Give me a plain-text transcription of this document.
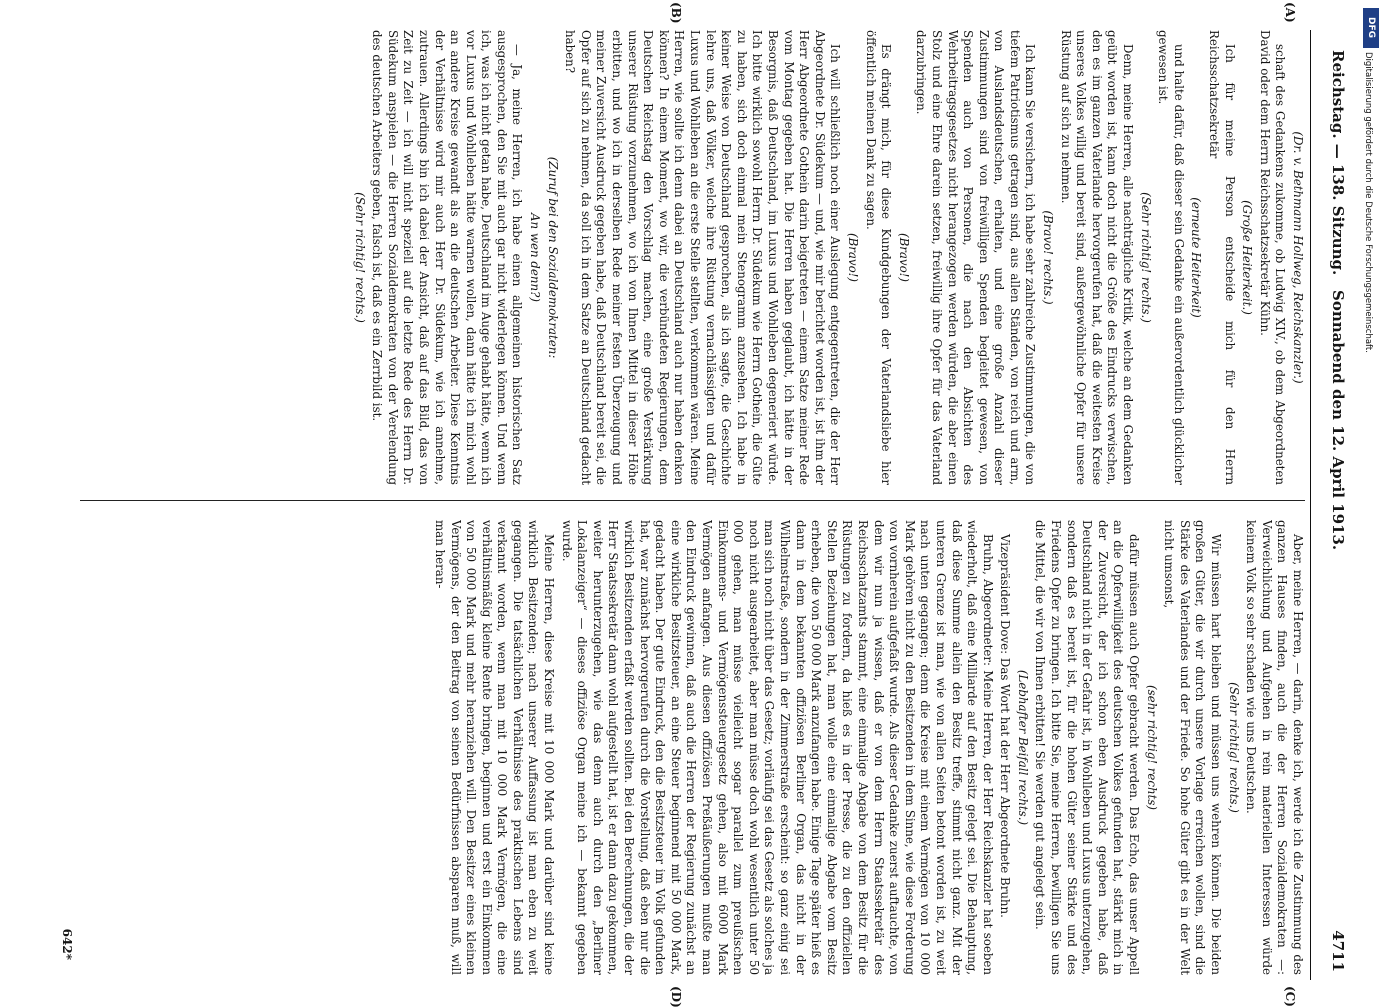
Reichstag. — 138. Sitzung.
Sonnabend den 12. April 1913.
4711
(A)
(B)
(C)
(D)

(Dr. v. Bethmann Hollweg, Reichskanzler.)

schaft des Gedankens zukomme, ob Ludwig XIV., ob dem Abgeordneten David oder dem Herrn Reichsschatzsekretär Kühn.

(Große Heiterkeit.)

Ich für meine Person entscheide mich für den Herrn Reichsschatzsekretär

(erneute Heiterkeit)

und halte dafür, daß dieser sein Gedanke ein außerordentlich glücklicher gewesen ist.

(Sehr richtig! rechts.)

Denn, meine Herren, alle nachträgliche Kritik, welche an dem Gedanken geübt worden ist, kann doch nicht die Größe des Eindrucks verwischen, den es im ganzen Vaterlande hervorgerufen hat, daß die weitesten Kreise unseres Volkes willig und bereit sind, außergewöhnliche Opfer für unsere Rüstung auf sich zu nehmen.

(Bravo! rechts.)

Ich kann Sie versichern, ich habe sehr zahlreiche Zustimmungen, die von tiefem Patriotismus getragen sind, aus allen Ständen, von reich und arm, von Auslandsdeutschen, erhalten, und eine große Anzahl dieser Zustimmungen sind von freiwilligen Spenden begleitet gewesen, von Spenden auch von Personen, die nach den Absichten des Wehrbeitragsgesetzes nicht herangezogen werden würden, die aber einen Stolz und eine Ehre darein setzen, freiwillig ihre Opfer für das Vaterland darzubringen.

(Bravo!)

Es drängt mich, für diese Kundgebungen der Vaterlandsliebe hier öffentlich meinen Dank zu sagen.

(Bravo!)

Ich will schließlich noch einer Auslegung entgegentreten, die der Herr Abgeordnete Dr. Südekum — und, wie mir berichtet worden ist, ist ihm der Herr Abgeordnete Gothein darin beigetreten — einem Satze meiner Rede vom Montag gegeben hat. Die Herren haben geglaubt, ich hätte in der Besorgnis, daß Deutschland, im Luxus und Wohlleben degeneriert würde. Ich bitte wirklich sowohl Herrn Dr. Südekum wie Herrn Gothein, die Güte zu haben, sich doch einmal mein Stenogramm anzusehen. Ich habe in keiner Weise von Deutschland gesprochen, als ich sagte, die Geschichte lehre uns, daß Völker, welche ihre Rüstung vernachlässigten und dafür Luxus und Wohlleben an die erste Stelle stellten, verkommen wären. Meine Herren, wie sollte ich denn dabei an Deutschland auch nur haben denken können? In einem Moment, wo wir, die verbündeten Regierungen, dem Deutschen Reichstag den Vorschlag machen, eine große Verstärkung unserer Rüstung vorzunehmen, wo ich von Ihnen Mittel in dieser Höhe erbitten, und wo ich in derselben Rede meiner festen Überzeugung und meiner Zuversicht Ausdruck gegeben habe, daß Deutschland bereit sei, die Opfer auf sich zu nehmen, da soll ich in dem Satze an Deutschland gedacht haben?

(Zuruf bei den Sozialdemokraten:

An wen denn?)

— Ja, meine Herren, ich habe einen allgemeinen historischen Satz ausgesprochen, den Sie mit auch gar nicht widerlegen können. Und wenn ich, was ich nicht getan habe, Deutschland im Auge gehabt hätte, wenn ich vor Luxus und Wohlleben hätte warnen wollen, dann hätte ich mich wohl an andere Kreise gewandt als an die deutschen Arbeiter. Diese Kenntnis der Verhältnisse wird mir auch Herr Dr. Südekum, wie ich annehme, zutrauen. Allerdings bin ich dabei der Ansicht, daß auf das Bild, das von Zeit zu Zeit — ich will nicht speziell auf die letzte Rede des Herrn Dr. Südekum anspielen — die Herren Sozialdemokraten von der Verelendung des deutschen Arbeiters geben, falsch ist, daß es ein Zerrbild ist.

(Sehr richtig! rechts.)

Aber, meine Herren, — darin, denke ich, werde ich die Zustimmung des ganzen Hauses finden, auch die der Herren Sozialdemokraten —: Verweichlichung und Aufgehen in rein materiellen Interessen würde keinem Volk so sehr schaden wie uns Deutschen.

(Sehr richtig! rechts.)

Wir müssen hart bleiben und müssen uns wehren können. Die beiden großen Güter, die wir durch unsere Vorlage erreichen wollen, sind die Stärke des Vaterlandes und der Friede. So hohe Güter gibt es in der Welt nicht umsonst,

(sehr richtig! rechts)

dafür müssen auch Opfer gebracht werden. Das Echo, das unser Appell an die Opferwilligkeit des deutschen Volkes gefunden hat, stärkt mich in der Zuversicht, der ich schon eben Ausdruck gegeben habe, daß Deutschland nicht in der Gefahr ist, in Wohlleben und Luxus unterzugehen, sondern daß es bereit ist, für die hohen Güter seiner Stärke und des Friedens Opfer zu bringen. Ich bitte Sie, meine Herren, bewilligen Sie uns die Mittel, die wir von Ihnen erbitten! Sie werden gut angelegt sein.

(Lebhafter Beifall rechts.)

Vizepräsident Dove: Das Wort hat der Herr Abgeordnete Bruhn.

Bruhn, Abgeordneter: Meine Herren, der Herr Reichskanzler hat soeben wiederholt, daß eine Milliarde auf den Besitz gelegt sei. Die Behauptung, daß diese Summe allein den Besitz treffe, stimmt nicht ganz. Mit der unteren Grenze ist man, wie von allen Seiten betont worden ist, zu weit nach unten gegangen; denn die Kreise mit einem Vermögen von 10 000 Mark gehören nicht zu den Besitzenden in dem Sinne, wie diese Forderung von vornherein aufgefaßt wurde. Als dieser Gedanke zuerst auftauchte, von dem wir nun ja wissen, daß er von dem Herrn Staatssekretär des Reichsschatzamts stammt, eine einmalige Abgabe von dem Besitz für die Rüstungen zu fordern, da hieß es in der Presse, die zu den offiziellen Stellen Beziehungen hat, man wolle eine einmalige Abgabe vom Besitz erheben, die von 50 000 Mark anzufangen habe. Einige Tage später hieß es dann in dem bekannten offiziösen Berliner Organ, das nicht in der Wilhelmstraße, sondern in der Zimmerstraße erscheint: so ganz einig sei man sich noch nicht über das Gesetz; vorläufig sei das Gesetz als solches ja noch nicht ausgearbeitet, aber man müsse doch wohl wesentlich unter 50 000 gehen, man müsse vielleicht sogar parallel zum preußischen Einkommens- und Vermögenssteuergesetz gehen, also mit 6000 Mark Vermögen anfangen. Aus diesen offiziösen Preßäußerungen mußte man den Eindruck gewinnen, daß auch die Herren der Regierung zunächst an eine wirkliche Besitzsteuer, an eine Steuer beginnend mit 50 000 Mark, gedacht haben. Der gute Eindruck, den die Besitzsteuer im Volk gefunden hat, war zunächst hervorgerufen durch die Vorstellung, daß eben nur die wirklich Besitzenden erfaßt werden sollten. Bei den Berechnungen, die der Herr Staatssekretär dann wohl aufgestellt hat, ist er dann dazu gekommen, weiter herunterzugehen, wie das denn auch durch den „Berliner Lokalanzeiger“ — dieses offiziöse Organ meine ich — bekannt gegeben wurde.

Meine Herren, diese Kreise mit 10 000 Mark und darüber sind keine wirklich Besitzenden; nach unserer Auffassung ist man eben zu weit gegangen. Die tatsächlichen Verhältnisse des praktischen Lebens sind verkannt worden, wenn man mit 10 000 Mark Vermögen, die eine verhältnismäßig kleine Rente bringen, beginnen und erst ein Einkommen von 50 000 Mark und mehr heranziehen will. Den Besitzer eines kleinen Vermögens, der den Beitrag von seinen Bedürfnissen absparen muß, will man heran-

642*
DFG
Digitalisierung gefördert durch die Deutsche Forschungsgemeinschaft.
